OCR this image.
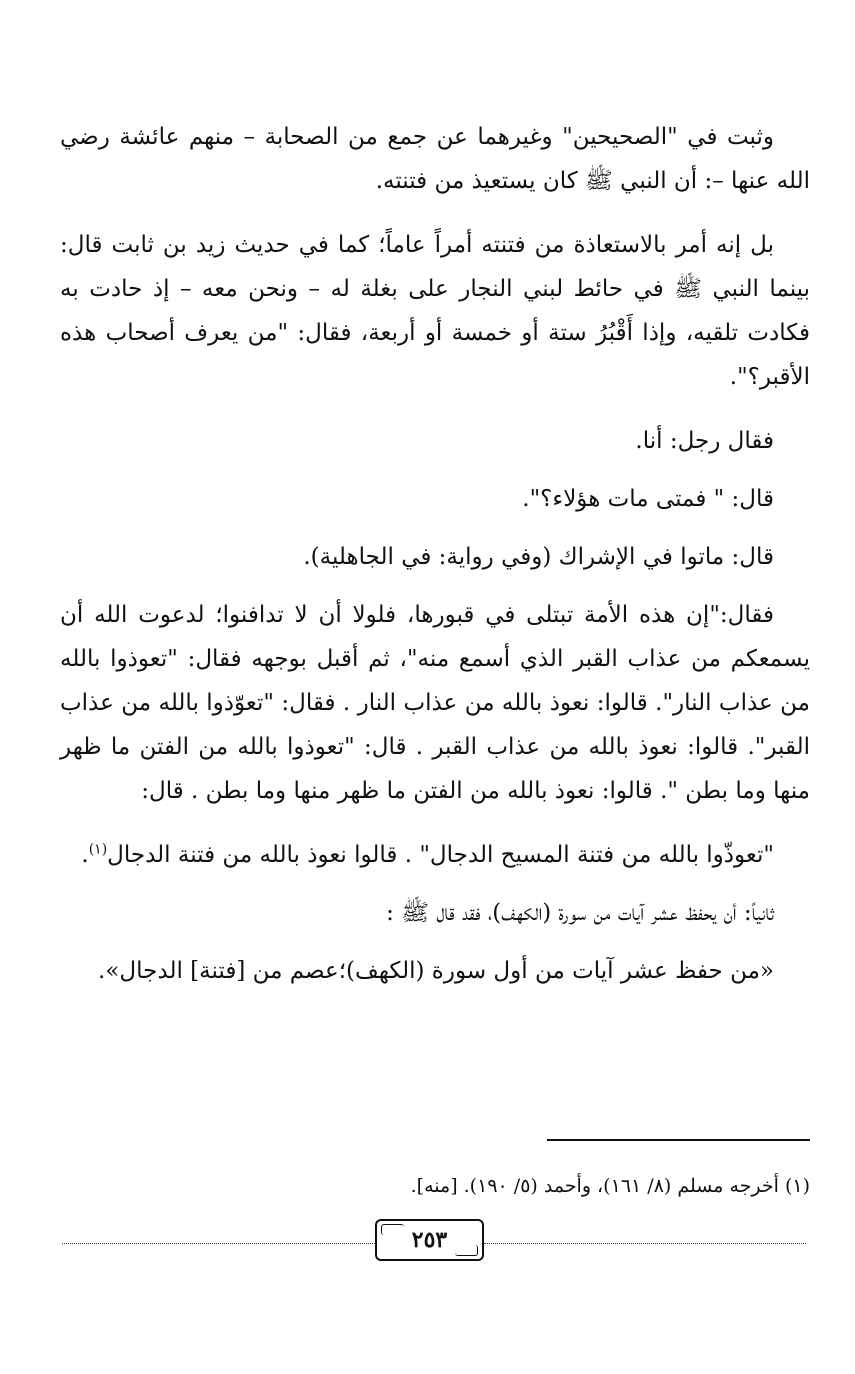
وثبت في "الصحيحين" وغيرهما عن جمع من الصحابة – منهم عائشة رضي الله عنها –: أن النبي ﷺ كان يستعيذ من فتنته.

بل إنه أمر بالاستعاذة من فتنته أمراً عاماً؛ كما في حديث زيد بن ثابت قال: بينما النبي ﷺ في حائط لبني النجار على بغلة له – ونحن معه – إذ حادت به فكادت تلقيه، وإذا أَقْبُرُ ستة أو خمسة أو أربعة، فقال: "من يعرف أصحاب هذه الأقبر؟".

فقال رجل: أنا.

قال: " فمتى مات هؤلاء؟".

قال: ماتوا في الإشراك (وفي رواية: في الجاهلية).

فقال:"إن هذه الأمة تبتلى في قبورها، فلولا أن لا تدافنوا؛ لدعوت الله أن يسمعكم من عذاب القبر الذي أسمع منه"، ثم أقبل بوجهه فقال: "تعوذوا بالله من عذاب النار". قالوا: نعوذ بالله من عذاب النار . فقال: "تعوّذوا بالله من عذاب القبر". قالوا: نعوذ بالله من عذاب القبر . قال: "تعوذوا بالله من الفتن ما ظهر منها وما بطن ". قالوا: نعوذ بالله من الفتن ما ظهر منها وما بطن . قال:

"تعوذّوا بالله من فتنة المسيح الدجال" . قالوا نعوذ بالله من فتنة الدجال$^{(١)}$.

ثانياً: أن يحفظ عشر آيات من سورة (الكهف)، فقد قال ﷺ :

«من حفظ عشر آيات من أول سورة (الكهف)؛عصم من [فتنة] الدجال».

(١) أخرجه مسلم (٨/ ١٦١)، وأحمد (٥/ ١٩٠). [منه].
٢٥٣
